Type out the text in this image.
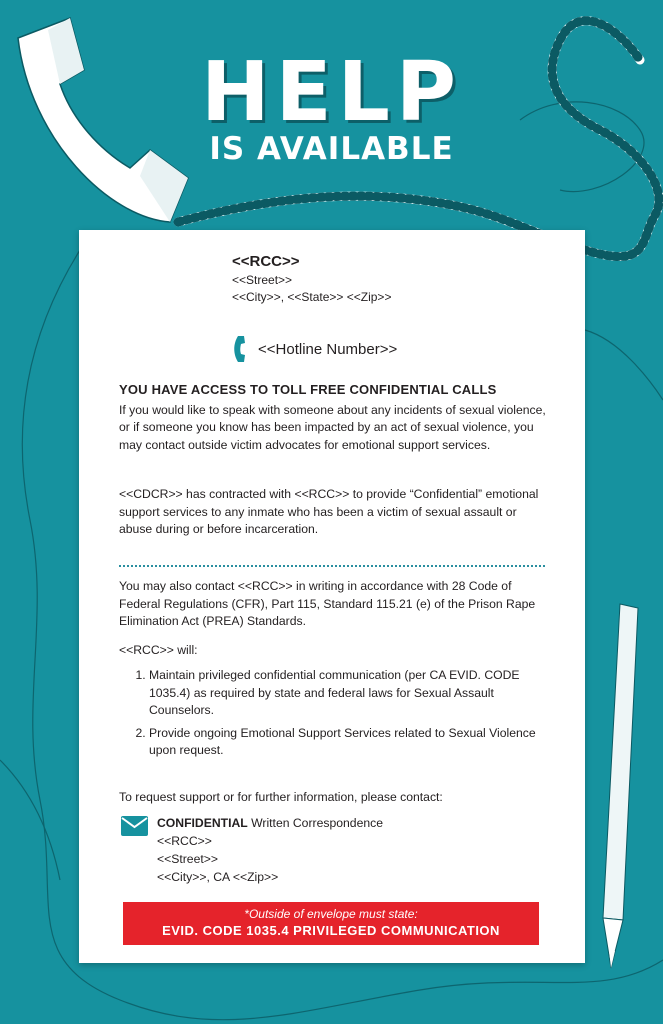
HELP
IS AVAILABLE
<<RCC>>
<<Street>>
<<City>>, <<State>> <<Zip>>
<<Hotline Number>>
YOU HAVE ACCESS TO TOLL FREE CONFIDENTIAL CALLS
If you would like to speak with someone about any incidents of sexual violence, or if someone you know has been impacted by an act of sexual violence, you may contact outside victim advocates for emotional support services.
<<CDCR>> has contracted with <<RCC>> to provide “Confidential” emotional support services to any inmate who has been a victim of sexual assault or abuse during or before incarceration.
You may also contact <<RCC>> in writing in accordance with 28 Code of Federal Regulations (CFR), Part 115, Standard 115.21 (e) of the Prison Rape Elimination Act (PREA) Standards.
<<RCC>> will:
1. Maintain privileged confidential communication (per CA EVID. CODE 1035.4) as required by state and federal laws for Sexual Assault Counselors.
2. Provide ongoing Emotional Support Services related to Sexual Violence upon request.
To request support or for further information, please contact:
CONFIDENTIAL Written Correspondence
<<RCC>>
<<Street>>
<<City>>, CA <<Zip>>
*Outside of envelope must state:
EVID. CODE 1035.4 PRIVILEGED COMMUNICATION
